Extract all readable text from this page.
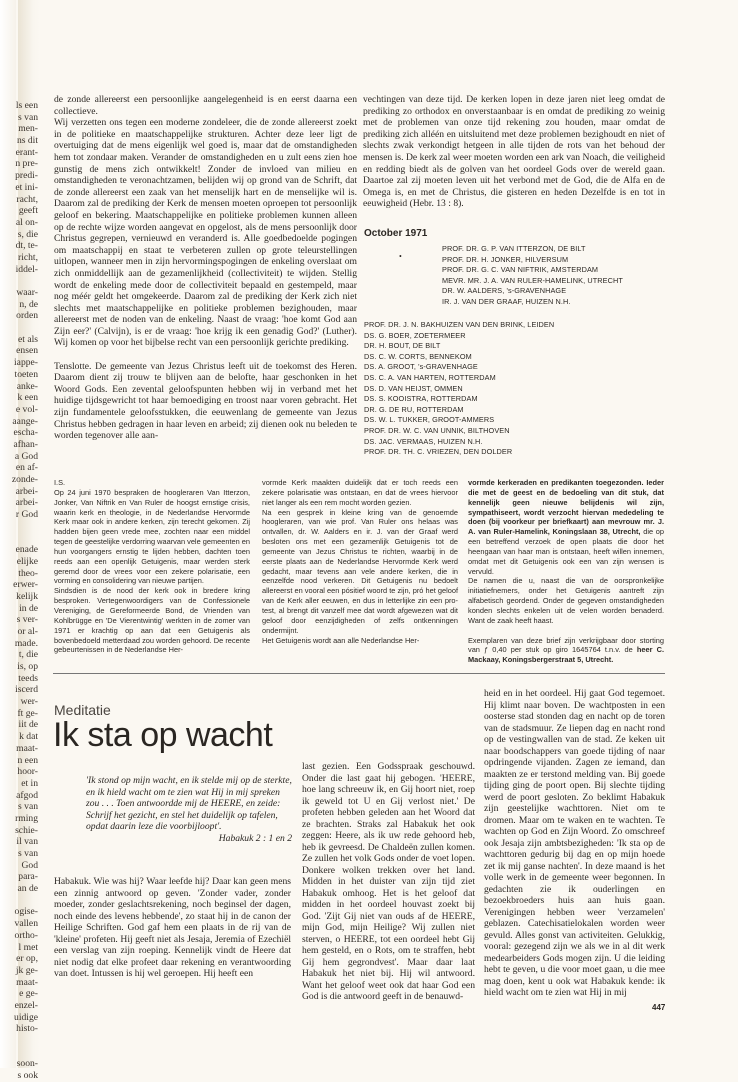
ls een
s van
men-
ns dit
erant-
n pre-
predi-
et ini-
racht,
geeft
al on-
s, die
dt, te-
richt,
iddel-
waar-
n, de
orden
et als
ensen
iappe-
toeten
anke-
k een
e vol-
aange-
escha-
afhan-
a God
en af-
zonde-
arbei-
arbei-
r God
enade
elijke
theo-
erwer-
kelijk
in de
s ver-
or al-
made.
t, die
is, op
teeds
iscerd
wer-
ft ge-
iit de
k dat
maat-
n een
hoor-
et in
afgod
s van
rming
schie-
il van
s van
God
para-
an de
ogise-
vallen
ortho-
l met
er op,
jk ge-
maat-
e ge-
enzel-
uidige
histo-
soon-
s ook

de zonde allereerst een persoonlijke aangelegenheid is en eerst daarna een collectieve.

Wij verzetten ons tegen een moderne zondeleer, die de zonde allereerst zoekt in de politieke en maatschappelijke strukturen. Achter deze leer ligt de overtuiging dat de mens eigenlijk wel goed is, maar dat de omstandigheden hem tot zondaar maken. Verander de omstandigheden en u zult eens zien hoe gunstig de mens zich ontwikkelt! Zonder de invloed van milieu en omstandigheden te veronachtzamen, belijden wij op grond van de Schrift, dat de zonde allereerst een zaak van het menselijk hart en de menselijke wil is. Daarom zal de prediking der Kerk de mensen moeten oproepen tot persoonlijk geloof en bekering. Maatschappelijke en politieke problemen kunnen alleen op de rechte wijze worden aangevat en opgelost, als de mens persoonlijk door Christus gegrepen, vernieuwd en veranderd is. Alle goedbedoelde pogingen om maatschappij en staat te verbeteren zullen op grote teleurstellingen uitlopen, wanneer men in zijn hervormingspogingen de enkeling overslaat om zich onmiddellijk aan de gezamenlijkheid (collectiviteit) te wijden. Stellig wordt de enkeling mede door de collectiviteit bepaald en gestempeld, maar nog méér geldt het omgekeerde. Daarom zal de prediking der Kerk zich niet slechts met maatschappelijke en politieke problemen bezighouden, maar allereerst met de noden van de enkeling. Naast de vraag: 'hoe komt God aan Zijn eer?' (Calvijn), is er de vraag: 'hoe krijg ik een genadig God?' (Luther). Wij komen op voor het bijbelse recht van een persoonlijk gerichte prediking.

Tenslotte. De gemeente van Jezus Christus leeft uit de toekomst des Heren. Daarom dient zij trouw te blijven aan de belofte, haar geschonken in het Woord Gods. Een zevental geloofspunten hebben wij in verband met het huidige tijdsgewricht tot haar bemoediging en troost naar voren gebracht. Het zijn fundamentele geloofsstukken, die eeuwenlang de gemeente van Jezus Christus hebben gedragen in haar leven en arbeid; zij dienen ook nu beleden te worden tegenover alle aan-

vechtingen van deze tijd. De kerken lopen in deze jaren niet leeg omdat de prediking zo orthodox en onverstaanbaar is en omdat de prediking zo weinig met de problemen van onze tijd rekening zou houden, maar omdat de prediking zich alléén en uitsluitend met deze problemen bezighoudt en niet of slechts zwak verkondigt hetgeen in alle tijden de rots van het behoud der mensen is. De kerk zal weer moeten worden een ark van Noach, die veiligheid en redding biedt als de golven van het oordeel Gods over de wereld gaan. Daartoe zal zij moeten leven uit het verbond met de God, die de Alfa en de Omega is, en met de Christus, die gisteren en heden Dezelfde is en tot in eeuwigheid (Hebr. 13 : 8).

October 1971
PROF. DR. G. P. VAN ITTERZON, DE BILT
PROF. DR. H. JONKER, HILVERSUM
PROF. DR. G. C. VAN NIFTRIK, AMSTERDAM
MEVR. MR. J. A. VAN RULER-HAMELINK, UTRECHT
DR. W. AALDERS, 's-GRAVENHAGE
IR. J. VAN DER GRAAF, HUIZEN N.H.
•
PROF. DR. J. N. BAKHUIZEN VAN DEN BRINK, LEIDEN
DS. G. BOER, ZOETERMEER
DR. H. BOUT, DE BILT
DS. C. W. CORTS, BENNEKOM
DS. A. GROOT, 's-GRAVENHAGE
DS. C. A. VAN HARTEN, ROTTERDAM
DS. D. VAN HEIJST, OMMEN
DS. S. KOOISTRA, ROTTERDAM
DR. G. DE RU, ROTTERDAM
DS. W. L. TUKKER, GROOT-AMMERS
PROF. DR. W. C. VAN UNNIK, BILTHOVEN
DS. JAC. VERMAAS, HUIZEN N.H.
PROF. DR. TH. C. VRIEZEN, DEN DOLDER

I.S.

Op 24 juni 1970 bespraken de hoogleraren Van Itterzon, Jonker, Van Niftrik en Van Ruler de hoogst ernstige crisis, waarin kerk en theologie, in de Nederlandse Hervormde Kerk maar ook in andere kerken, zijn terecht gekomen. Zij hadden bijen geen vrede mee, zochten naar een middel tegen de geestelijke verdorring waarvan vele gemeenten en hun voorgangers ernstig te lijden hebben, dachten toen reeds aan een openlijk Getuigenis, maar werden sterk geremd door de vrees voor een zekere polarisatie, een vorming en consolidering van nieuwe partijen.

Sindsdien is de nood der kerk ook in bredere kring besproken. Vertegenwoordigers van de Confessionele Vereniging, de Gereformeerde Bond, de Vrienden van Kohlbrügge en 'De Vierentwintig' werkten in de zomer van 1971 er krachtig op aan dat een Getuigenis als bovenbedoeld metterdaad zou worden gehoord. De recente gebeurtenissen in de Nederlandse Her-

vormde Kerk maakten duidelijk dat er toch reeds een zekere polarisatie was ontstaan, en dat de vrees hiervoor niet langer als een rem mocht worden gezien.

Na een gesprek in kleine kring van de genoemde hoogleraren, van wie prof. Van Ruler ons helaas was ontvallen, dr. W. Aalders en ir. J. van der Graaf werd besloten ons met een gezamenlijk Getuigenis tot de gemeente van Jezus Christus te richten, waarbij in de eerste plaats aan de Nederlandse Hervormde Kerk werd gedacht, maar tevens aan vele andere kerken, die in eenzelfde nood verkeren. Dit Getuigenis nu bedoelt allereerst en vooral een pósitief woord te zijn, pró het geloof van de Kerk aller eeuwen, en dus in letterlijke zin een pro-test, al brengt dit vanzelf mee dat wordt afgewezen wat dit geloof door eenzijdigheden of zelfs ontkenningen ondermijnt.

Het Getuigenis wordt aan alle Nederlandse Her-

vormde kerkeraden en predikanten toegezonden. Ieder die met de geest en de bedoeling van dit stuk, dat kennelijk geen nieuwe belijdenis wil zijn, sympathiseert, wordt verzocht hiervan mededeling te doen (bij voorkeur per briefkaart) aan mevrouw mr. J. A. van Ruler-Hamelink, Koningslaan 38, Utrecht, die op een betreffend verzoek de open plaats die door het heengaan van haar man is ontstaan, heeft willen innemen, omdat met dit Getuigenis ook een van zijn wensen is vervuld.

De namen die u, naast die van de oorspronkelijke initiatiefnemers, onder het Getuigenis aantreft zijn alfabetisch geordend. Onder de gegeven omstandigheden konden slechts enkelen uit de velen worden benaderd. Want de zaak heeft haast.

Exemplaren van deze brief zijn verkrijgbaar door storting van ƒ 0,40 per stuk op giro 1645764 t.n.v. de heer C. Mackaay, Koningsbergerstraat 5, Utrecht.

Meditatie
Ik sta op wacht

'Ik stond op mijn wacht, en ik stelde mij op de sterkte, en ik hield wacht om te zien wat Hij in mij spreken zou . . . Toen antwoordde mij de HEERE, en zeide: Schrijf het gezicht, en stel het duidelijk op tafelen, opdat daarin leze die voorbijloopt'.

Habakuk 2 : 1 en 2

Habakuk. Wie was hij? Waar leefde hij? Daar kan geen mens een zinnig antwoord op geven. 'Zonder vader, zonder moeder, zonder geslachtsrekening, noch beginsel der dagen, noch einde des levens hebbende', zo staat hij in de canon der Heilige Schriften. God gaf hem een plaats in de rij van de 'kleine' profeten. Hij geeft niet als Jesaja, Jeremia of Ezechiël een verslag van zijn roeping. Kennelijk vindt de Heere dat niet nodig dat elke profeet daar rekening en verantwoording van doet. Intussen is hij wel geroepen. Hij heeft een

last gezien. Een Godsspraak geschouwd. Onder die last gaat hij gebogen. 'HEERE, hoe lang schreeuw ik, en Gij hoort niet, roep ik geweld tot U en Gij verlost niet.' De profeten hebben geleden aan het Woord dat ze brachten. Straks zal Habakuk het ook zeggen: Heere, als ik uw rede gehoord heb, heb ik gevreesd. De Chaldeën zullen komen. Ze zullen het volk Gods onder de voet lopen. Donkere wolken trekken over het land. Midden in het duister van zijn tijd ziet Habakuk omhoog. Het is het geloof dat midden in het oordeel houvast zoekt bij God. 'Zijt Gij niet van ouds af de HEERE, mijn God, mijn Heilige? Wij zullen niet sterven, o HEERE, tot een oordeel hebt Gij hem gesteld, en o Rots, om te straffen, hebt Gij hem gegrondvest'. Maar daar laat Habakuk het niet bij. Hij wil antwoord. Want het geloof weet ook dat haar God een God is die antwoord geeft in de benauwd-

heid en in het oordeel. Hij gaat God tegemoet. Hij klimt naar boven. De wachtposten in een oosterse stad stonden dag en nacht op de toren van de stadsmuur. Ze liepen dag en nacht rond op de vestingwallen van de stad. Ze keken uit naar boodschappers van goede tijding of naar opdringende vijanden. Zagen ze iemand, dan maakten ze er terstond melding van. Bij goede tijding ging de poort open. Bij slechte tijding werd de poort gesloten. Zo beklimt Habakuk zijn geestelijke wachttoren. Niet om te dromen. Maar om te waken en te wachten. Te wachten op God en Zijn Woord. Zo omschreef ook Jesaja zijn ambtsbezigheden: 'Ik sta op de wachttoren gedurig bij dag en op mijn hoede zet ik mij ganse nachten'. In deze maand is het volle werk in de gemeente weer begonnen. In gedachten zie ik ouderlingen en bezoekbroeders huis aan huis gaan. Verenigingen hebben weer 'verzamelen' geblazen. Catechisatielokalen worden weer gevuld. Alles gonst van activiteiten. Gelukkig, vooral: gezegend zijn we als we in al dit werk medearbeiders Gods mogen zijn. U die leiding hebt te geven, u die voor moet gaan, u die mee mag doen, kent u ook wat Habakuk kende: ik hield wacht om te zien wat Hij in mij

447
